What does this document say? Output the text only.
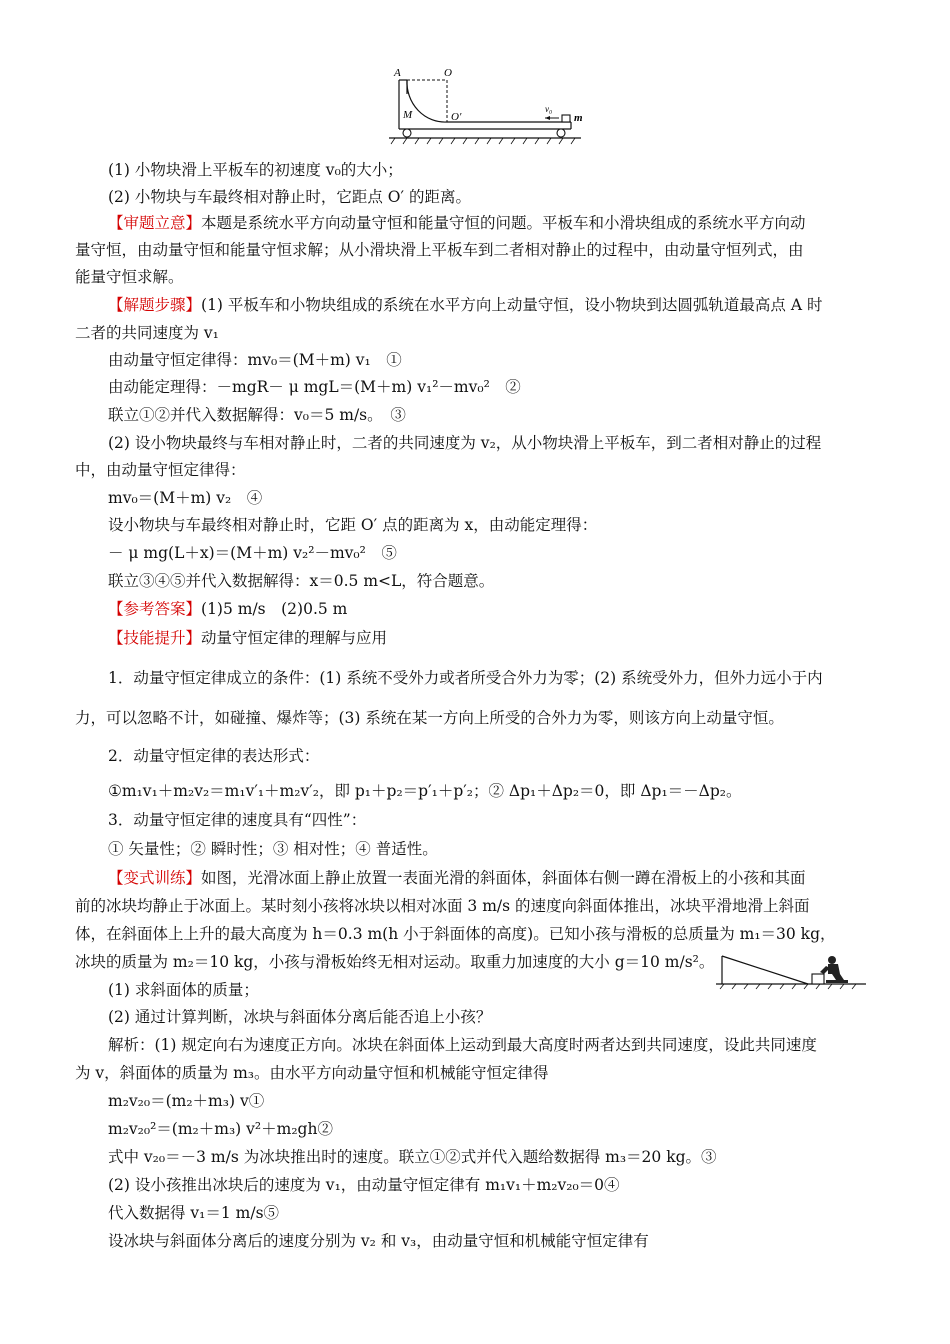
A	O
M	O′
v₀
m
(1) 小物块滑上平板车的初速度 v₀的大小；
(2) 小物块与车最终相对静止时，它距点 O′ 的距离。
【审题立意】本题是系统水平方向动量守恒和能量守恒的问题。平板车和小滑块组成的系统水平方向动
量守恒，由动量守恒和能量守恒求解；从小滑块滑上平板车到二者相对静止的过程中，由动量守恒列式，由
能量守恒求解。
【解题步骤】(1) 平板车和小物块组成的系统在水平方向上动量守恒，设小物块到达圆弧轨道最高点 A 时
二者的共同速度为 v₁
由动量守恒定律得：mv₀＝(M＋m) v₁　①
由动能定理得：－mgR－ μ mgL＝(M＋m) v₁²－mv₀²　②
联立①②并代入数据解得：v₀＝5 m/s。　③
(2) 设小物块最终与车相对静止时，二者的共同速度为 v₂，从小物块滑上平板车，到二者相对静止的过程
中，由动量守恒定律得：
mv₀＝(M＋m) v₂　④
设小物块与车最终相对静止时，它距 O′ 点的距离为 x，由动能定理得：
－ μ mg(L＋x)＝(M＋m) v₂²－mv₀²　⑤
联立③④⑤并代入数据解得：x＝0.5 m<L，符合题意。
【参考答案】(1)5 m/s　(2)0.5 m
【技能提升】动量守恒定律的理解与应用
1．动量守恒定律成立的条件：(1) 系统不受外力或者所受合外力为零；(2) 系统受外力，但外力远小于内
力，可以忽略不计，如碰撞、爆炸等；(3) 系统在某一方向上所受的合外力为零，则该方向上动量守恒。
2．动量守恒定律的表达形式：
①m₁v₁＋m₂v₂＝m₁v′₁＋m₂v′₂，即 p₁＋p₂＝p′₁＋p′₂；② Δp₁＋Δp₂＝0，即 Δp₁＝－Δp₂。
3．动量守恒定律的速度具有“四性”：
① 矢量性；② 瞬时性；③ 相对性；④ 普适性。
【变式训练】如图，光滑冰面上静止放置一表面光滑的斜面体，斜面体右侧一蹲在滑板上的小孩和其面
前的冰块均静止于冰面上。某时刻小孩将冰块以相对冰面 3 m/s 的速度向斜面体推出，冰块平滑地滑上斜面
体，在斜面体上上升的最大高度为 h＝0.3 m(h 小于斜面体的高度)。已知小孩与滑板的总质量为 m₁＝30 kg，
冰块的质量为 m₂＝10 kg，小孩与滑板始终无相对运动。取重力加速度的大小 g＝10 m/s²。
(1) 求斜面体的质量；
(2) 通过计算判断，冰块与斜面体分离后能否追上小孩？
解析：(1) 规定向右为速度正方向。冰块在斜面体上运动到最大高度时两者达到共同速度，设此共同速度
为 v，斜面体的质量为 m₃。由水平方向动量守恒和机械能守恒定律得
m₂v₂₀＝(m₂＋m₃) v①
m₂v₂₀²＝(m₂＋m₃) v²＋m₂gh②
式中 v₂₀＝－3 m/s 为冰块推出时的速度。联立①②式并代入题给数据得 m₃＝20 kg。③
(2) 设小孩推出冰块后的速度为 v₁，由动量守恒定律有 m₁v₁＋m₂v₂₀＝0④
代入数据得 v₁＝1 m/s⑤
设冰块与斜面体分离后的速度分别为 v₂ 和 v₃，由动量守恒和机械能守恒定律有
